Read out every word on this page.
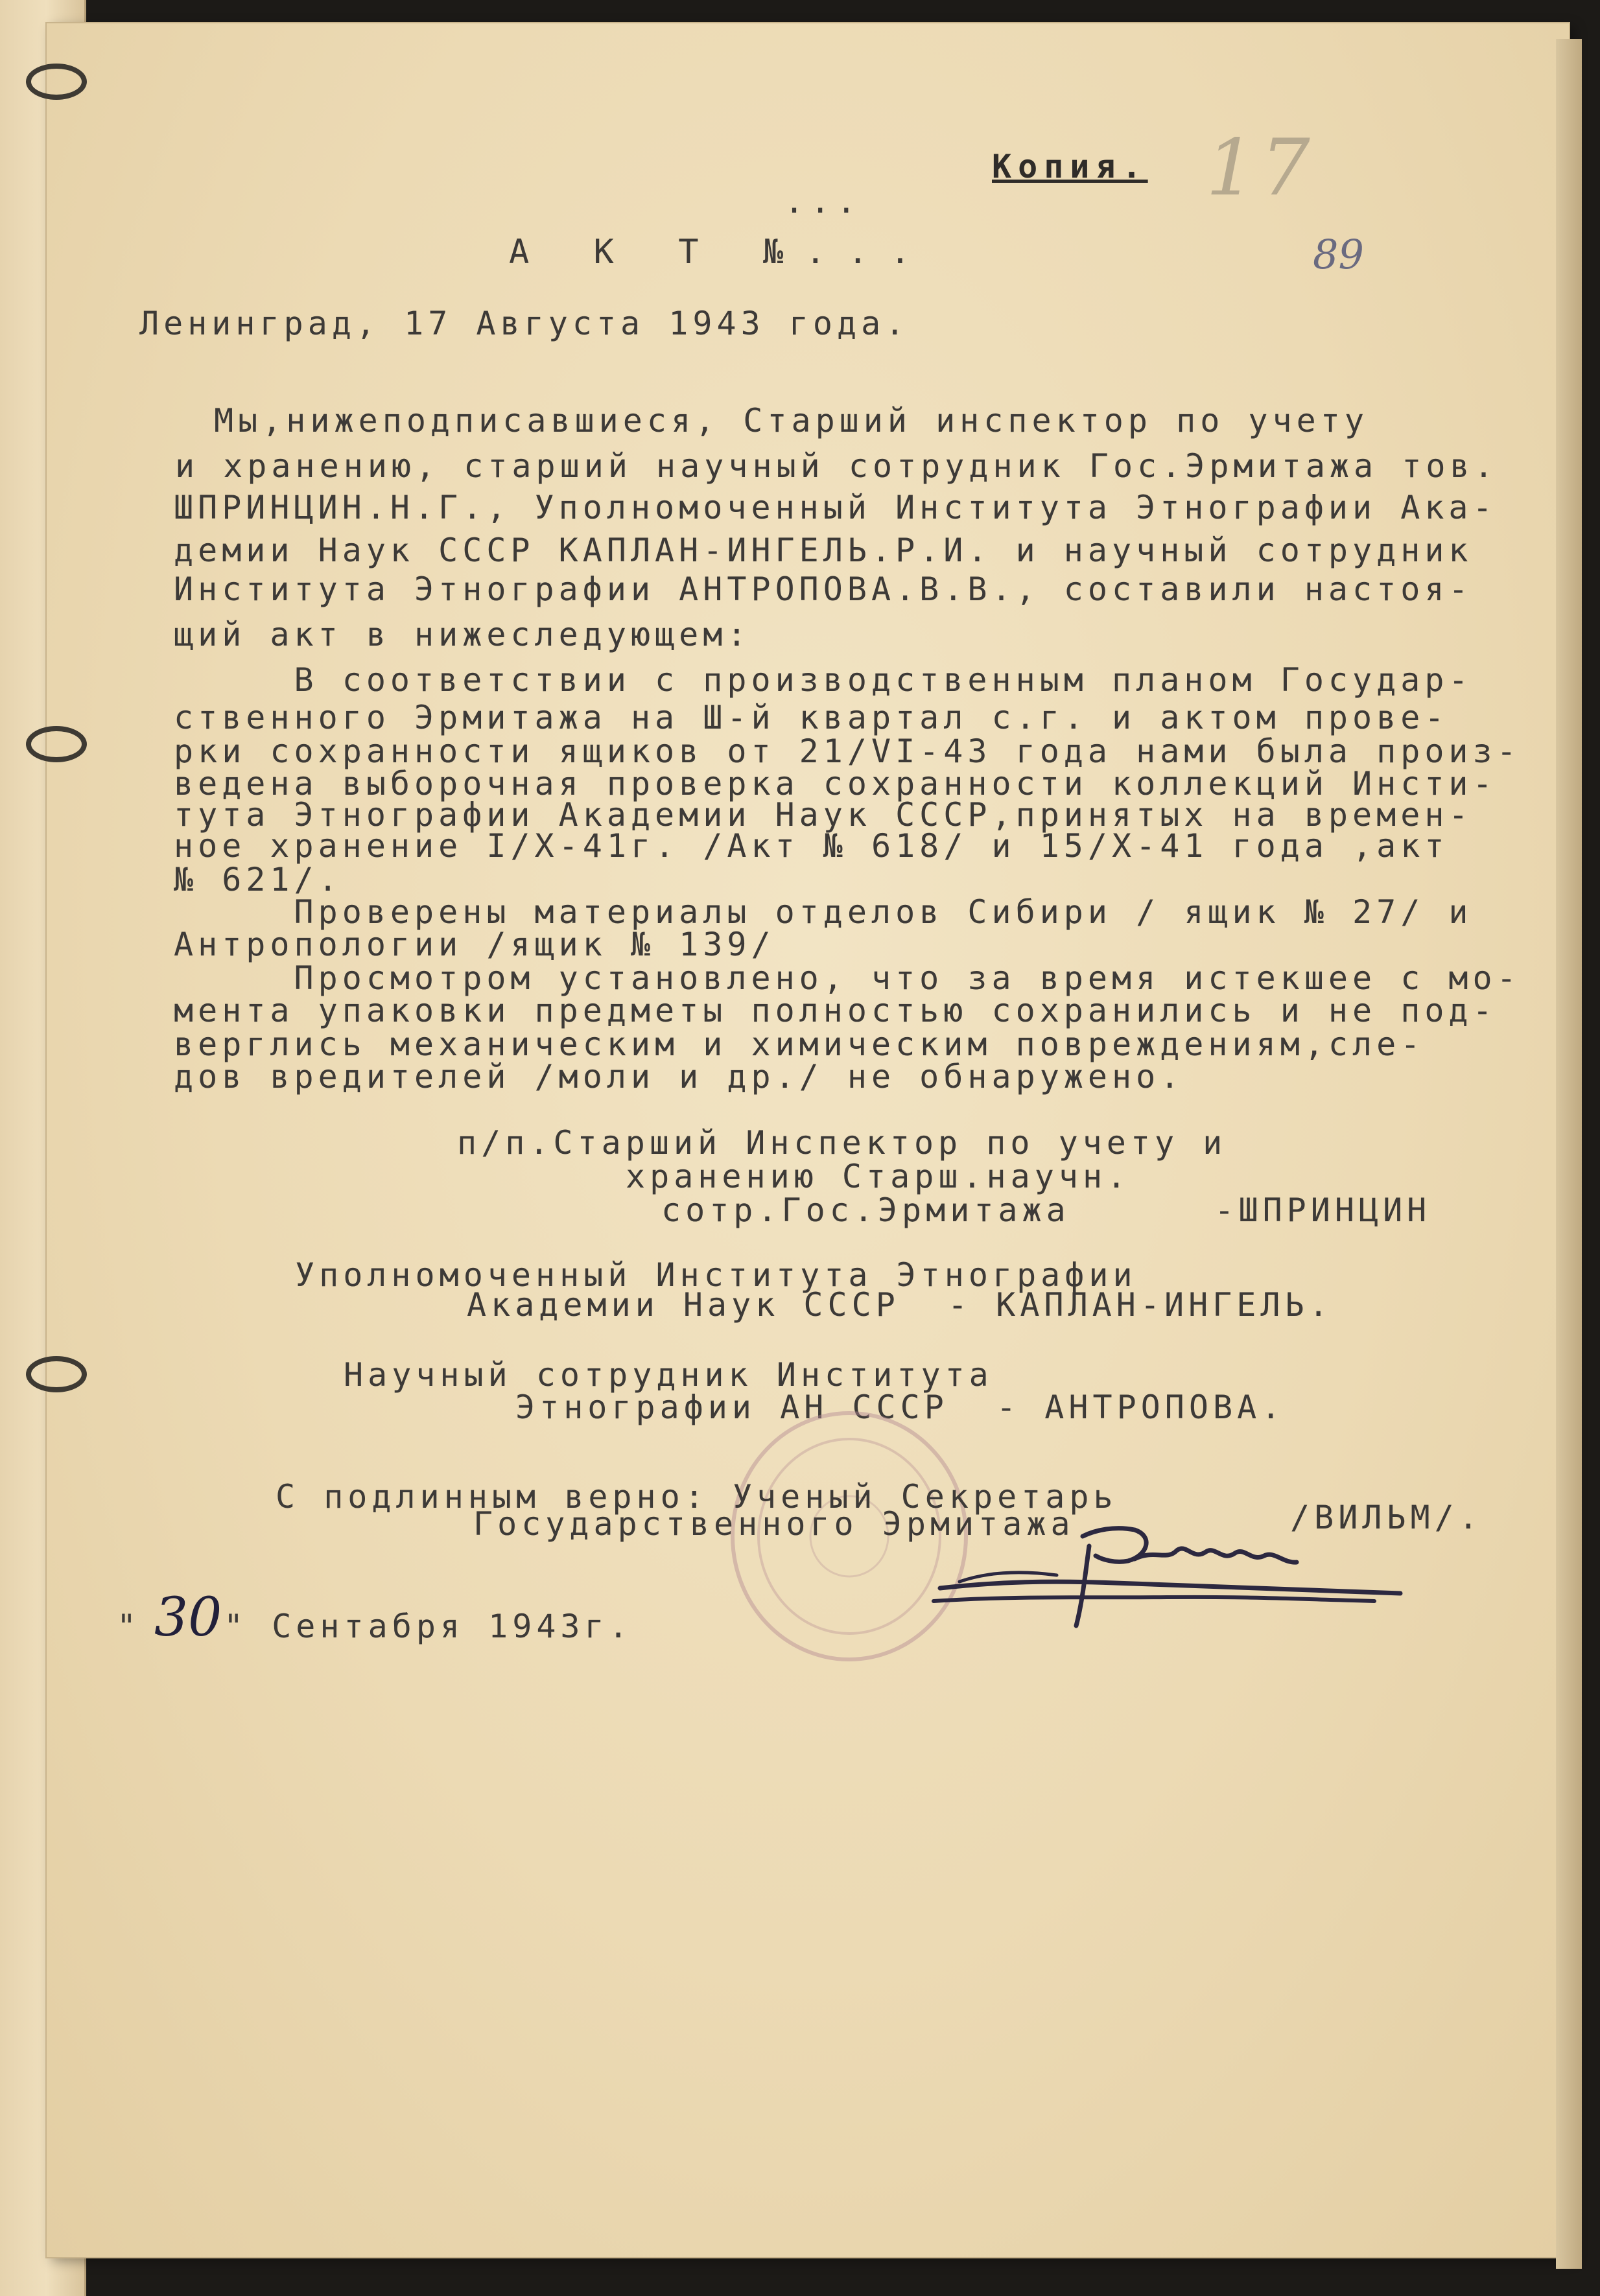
Копия.

...

А К Т №...

Ленинград, 17 Августа 1943 года.

17
89

Мы,нижеподписавшиеся, Старший инспектор по учету

и хранению, старший научный сотрудник Гос.Эрмитажа тов.

ШПРИНЦИН.Н.Г., Уполномоченный Института Этнографии Ака-

демии Наук СССР КАПЛАН-ИНГЕЛЬ.Р.И. и научный сотрудник

Института Этнографии АНТРОПОВА.В.В., составили настоя-

щий акт в нижеследующем:

В соответствии с производственным планом Государ-

ственного Эрмитажа на Ш-й квартал с.г. и актом прове-

рки сохранности ящиков от 21/VI-43 года нами была произ-

ведена выборочная проверка сохранности коллекций Инсти-

тута Этнографии Академии Наук СССР,принятых на времен-

ное хранение I/X-41г. /Акт № 618/ и 15/X-41 года ,акт

№ 621/.

Проверены материалы отделов Сибири / ящик № 27/ и

Антропологии /ящик № 139/

Просмотром установлено, что за время истекшее с мо-

мента упаковки предметы полностью сохранились и не под-

верглись механическим и химическим повреждениям,сле-

дов вредителей /моли и др./ не обнаружено.

п/п.Старший Инспектор по учету и

хранению Старш.научн.

сотр.Гос.Эрмитажа      -ШПРИНЦИН

Уполномоченный Института Этнографии

Академии Наук СССР  - КАПЛАН-ИНГЕЛЬ.

Научный сотрудник Института

Этнографии АН СССР  - АНТРОПОВА.

С подлинным верно: Ученый Секретарь

Государственного Эрмитажа	/ВИЛЬМ/.

" 30 " Сентабря 1943г.
